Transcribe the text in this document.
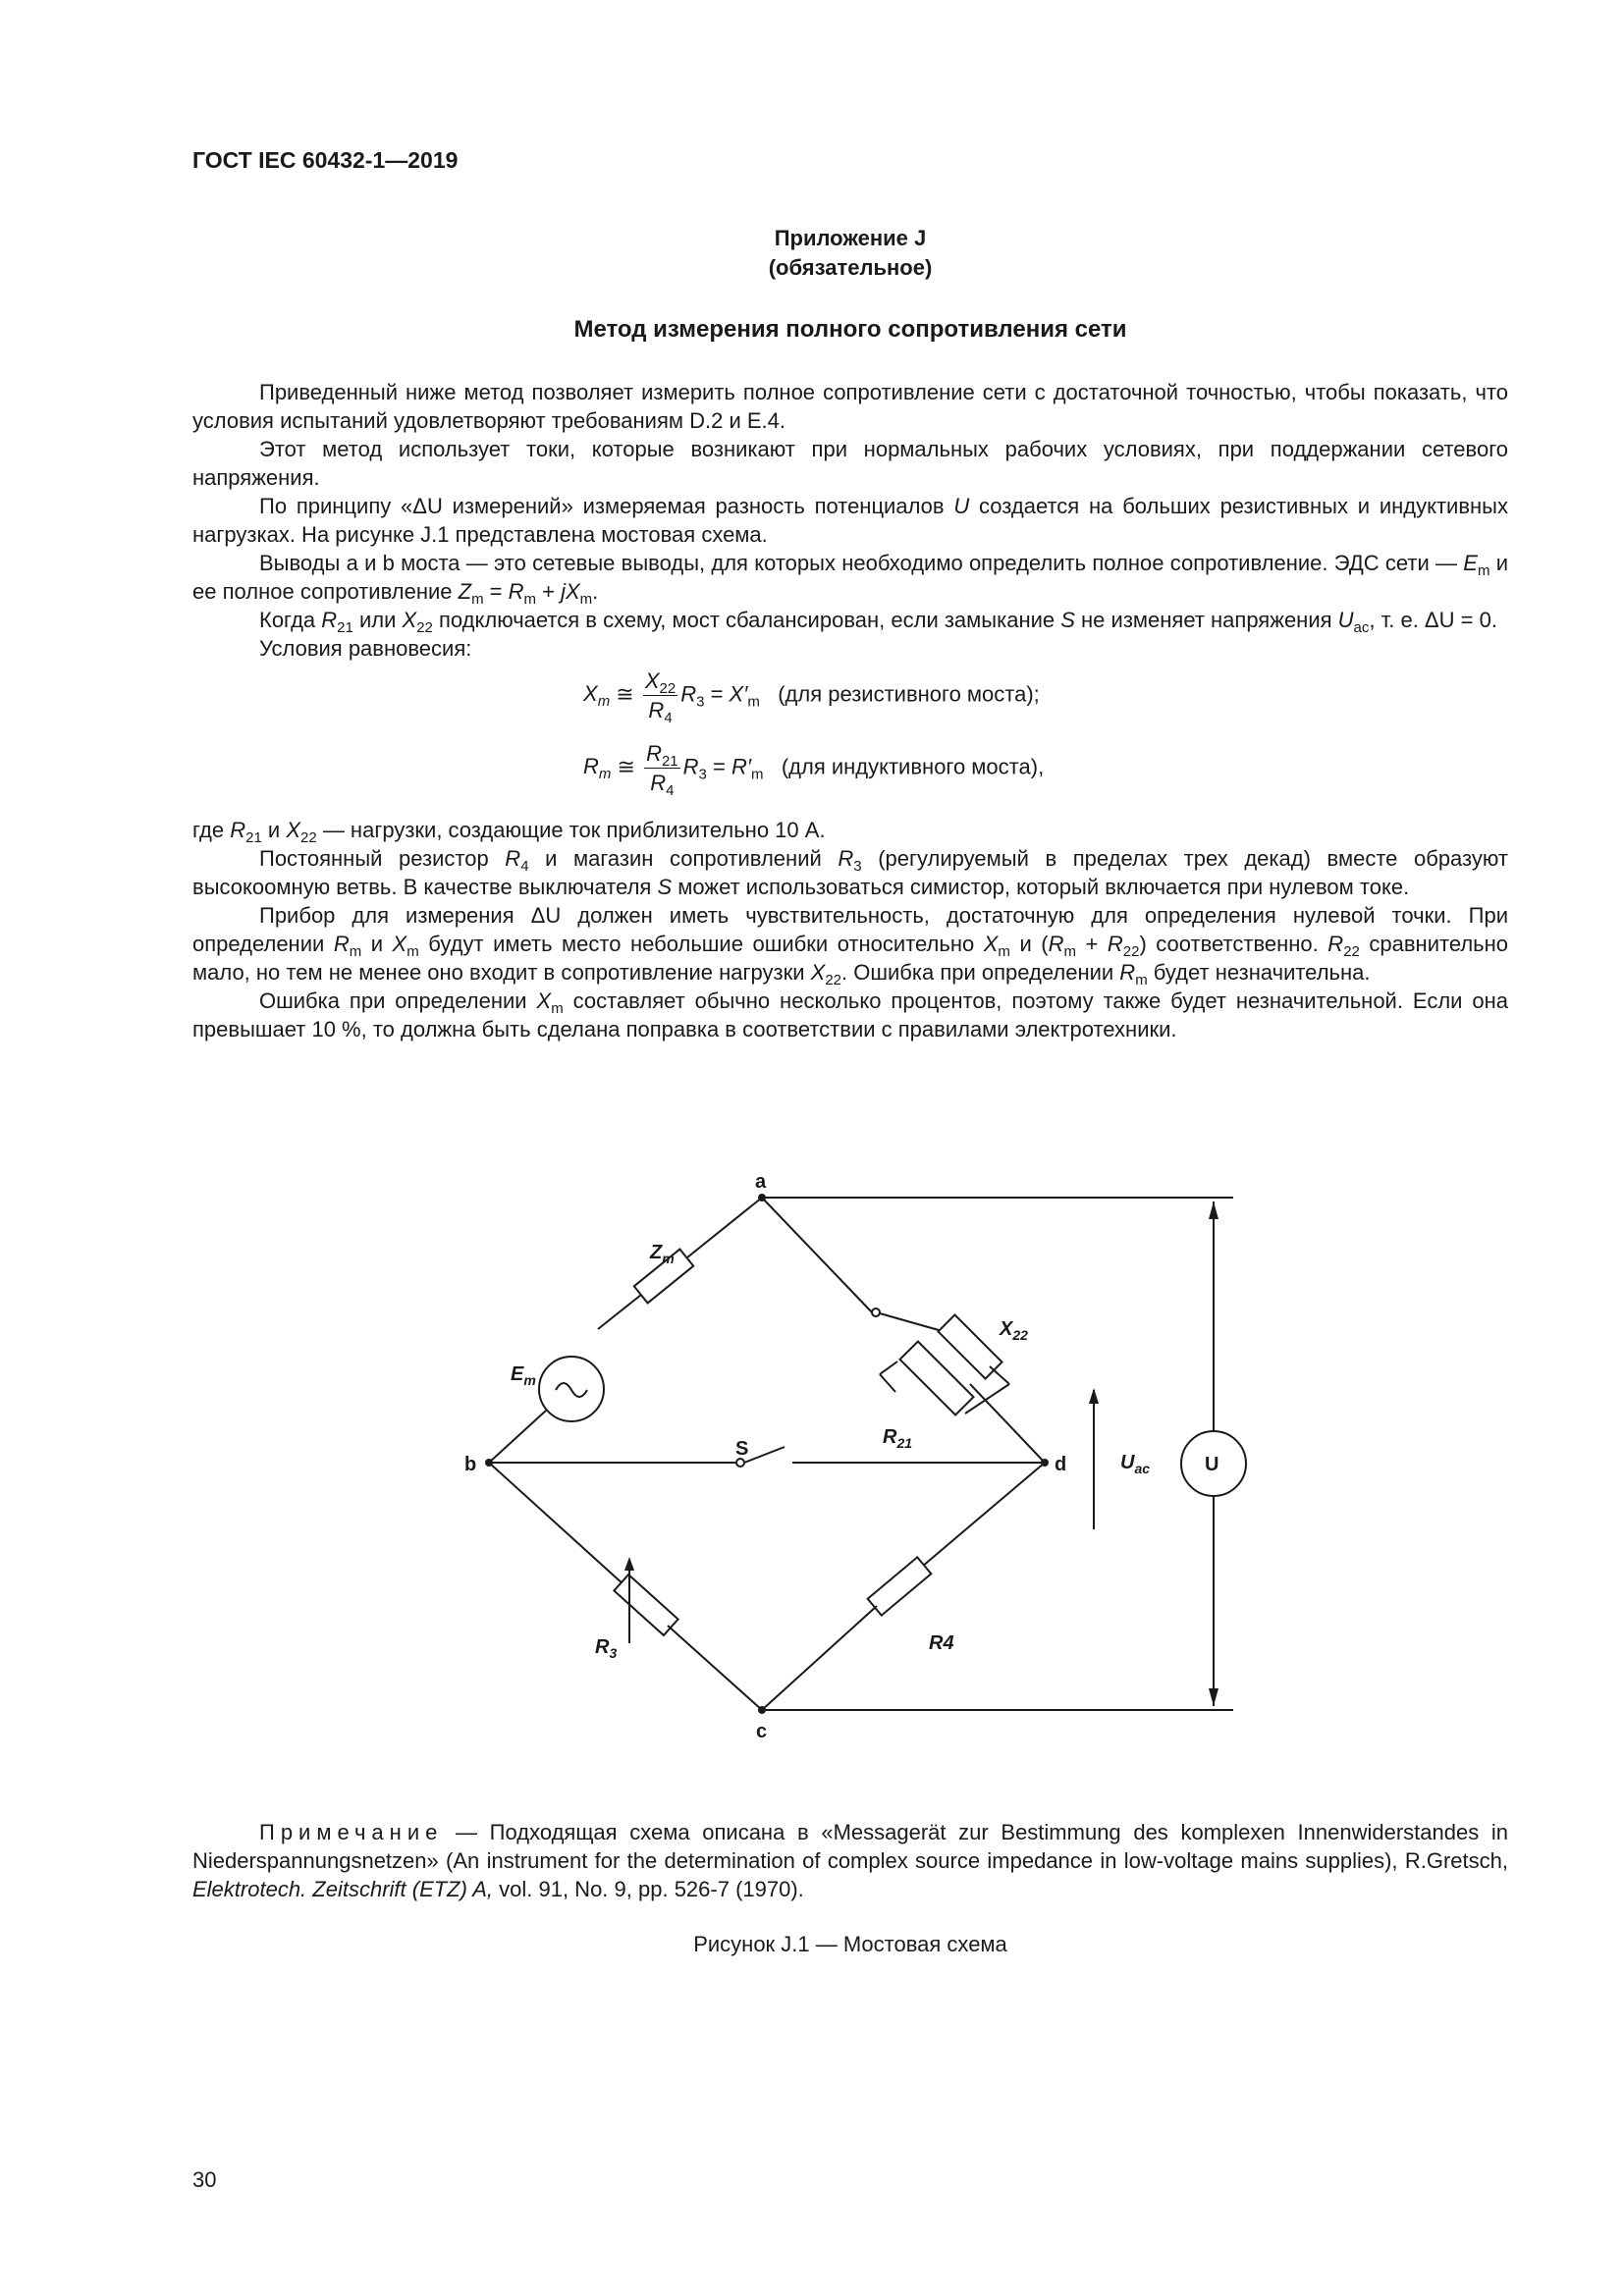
ГОСТ IEC 60432-1—2019
Приложение J
(обязательное)
Метод измерения полного сопротивления сети

Приведенный ниже метод позволяет измерить полное сопротивление сети с достаточной точностью, чтобы показать, что условия испытаний удовлетворяют требованиям D.2 и E.4.

Этот метод использует токи, которые возникают при нормальных рабочих условиях, при поддержании сетевого напряжения.

По принципу «ΔU измерений» измеряемая разность потенциалов U создается на больших резистивных и индуктивных нагрузках. На рисунке J.1 представлена мостовая схема.

Выводы a и b моста — это сетевые выводы, для которых необходимо определить полное сопротивление. ЭДС сети — $E_m$ и ее полное сопротивление $Z_m = R_m + jX_m$.

Когда $R_{21}$ или $X_{22}$ подключается в схему, мост сбалансирован, если замыкание S не изменяет напряжения $U_{ac}$, т. е. ΔU = 0.

Условия равновесия:

$X_m$ ≅ $\frac{X_{22}}{R_4} R_3 = X'_m$ (для резистивного моста);
$R_m$ ≅ $\frac{R_{21}}{R_4} R_3 = R'_m$ (для индуктивного моста),

где $R_{21}$ и $X_{22}$ — нагрузки, создающие ток приблизительно 10 А.

Постоянный резистор $R_4$ и магазин сопротивлений $R_3$ (регулируемый в пределах трех декад) вместе образуют высокоомную ветвь. В качестве выключателя S может использоваться симистор, который включается при нулевом токе.

Прибор для измерения ΔU должен иметь чувствительность, достаточную для определения нулевой точки. При определении $R_m$ и $X_m$ будут иметь место небольшие ошибки относительно $X_m$ и $(R_m + R_{22})$ соответственно. $R_{22}$ сравнительно мало, но тем не менее оно входит в сопротивление нагрузки $X_{22}$. Ошибка при определении $R_m$ будет незначительна.

Ошибка при определении $X_m$ составляет обычно несколько процентов, поэтому также будет незначительной. Если она превышает 10 %, то должна быть сделана поправка в соответствии с правилами электротехники.

a
b
c
d
S
U
$Z_m$
$E_m$
$X_{22}$
$R_{21}$
$R_3$	R4
$U_{ac}$
Примечание — Подходящая схема описана в «Messagerät zur Bestimmung des komplexen Innenwiderstandes in Niederspannungsnetzen» (An instrument for the determination of complex source impedance in low-voltage mains supplies), R.Gretsch, Elektrotech. Zeitschrift (ETZ) A, vol. 91, No. 9, pp. 526-7 (1970).
Рисунок J.1 — Мостовая схема
30
